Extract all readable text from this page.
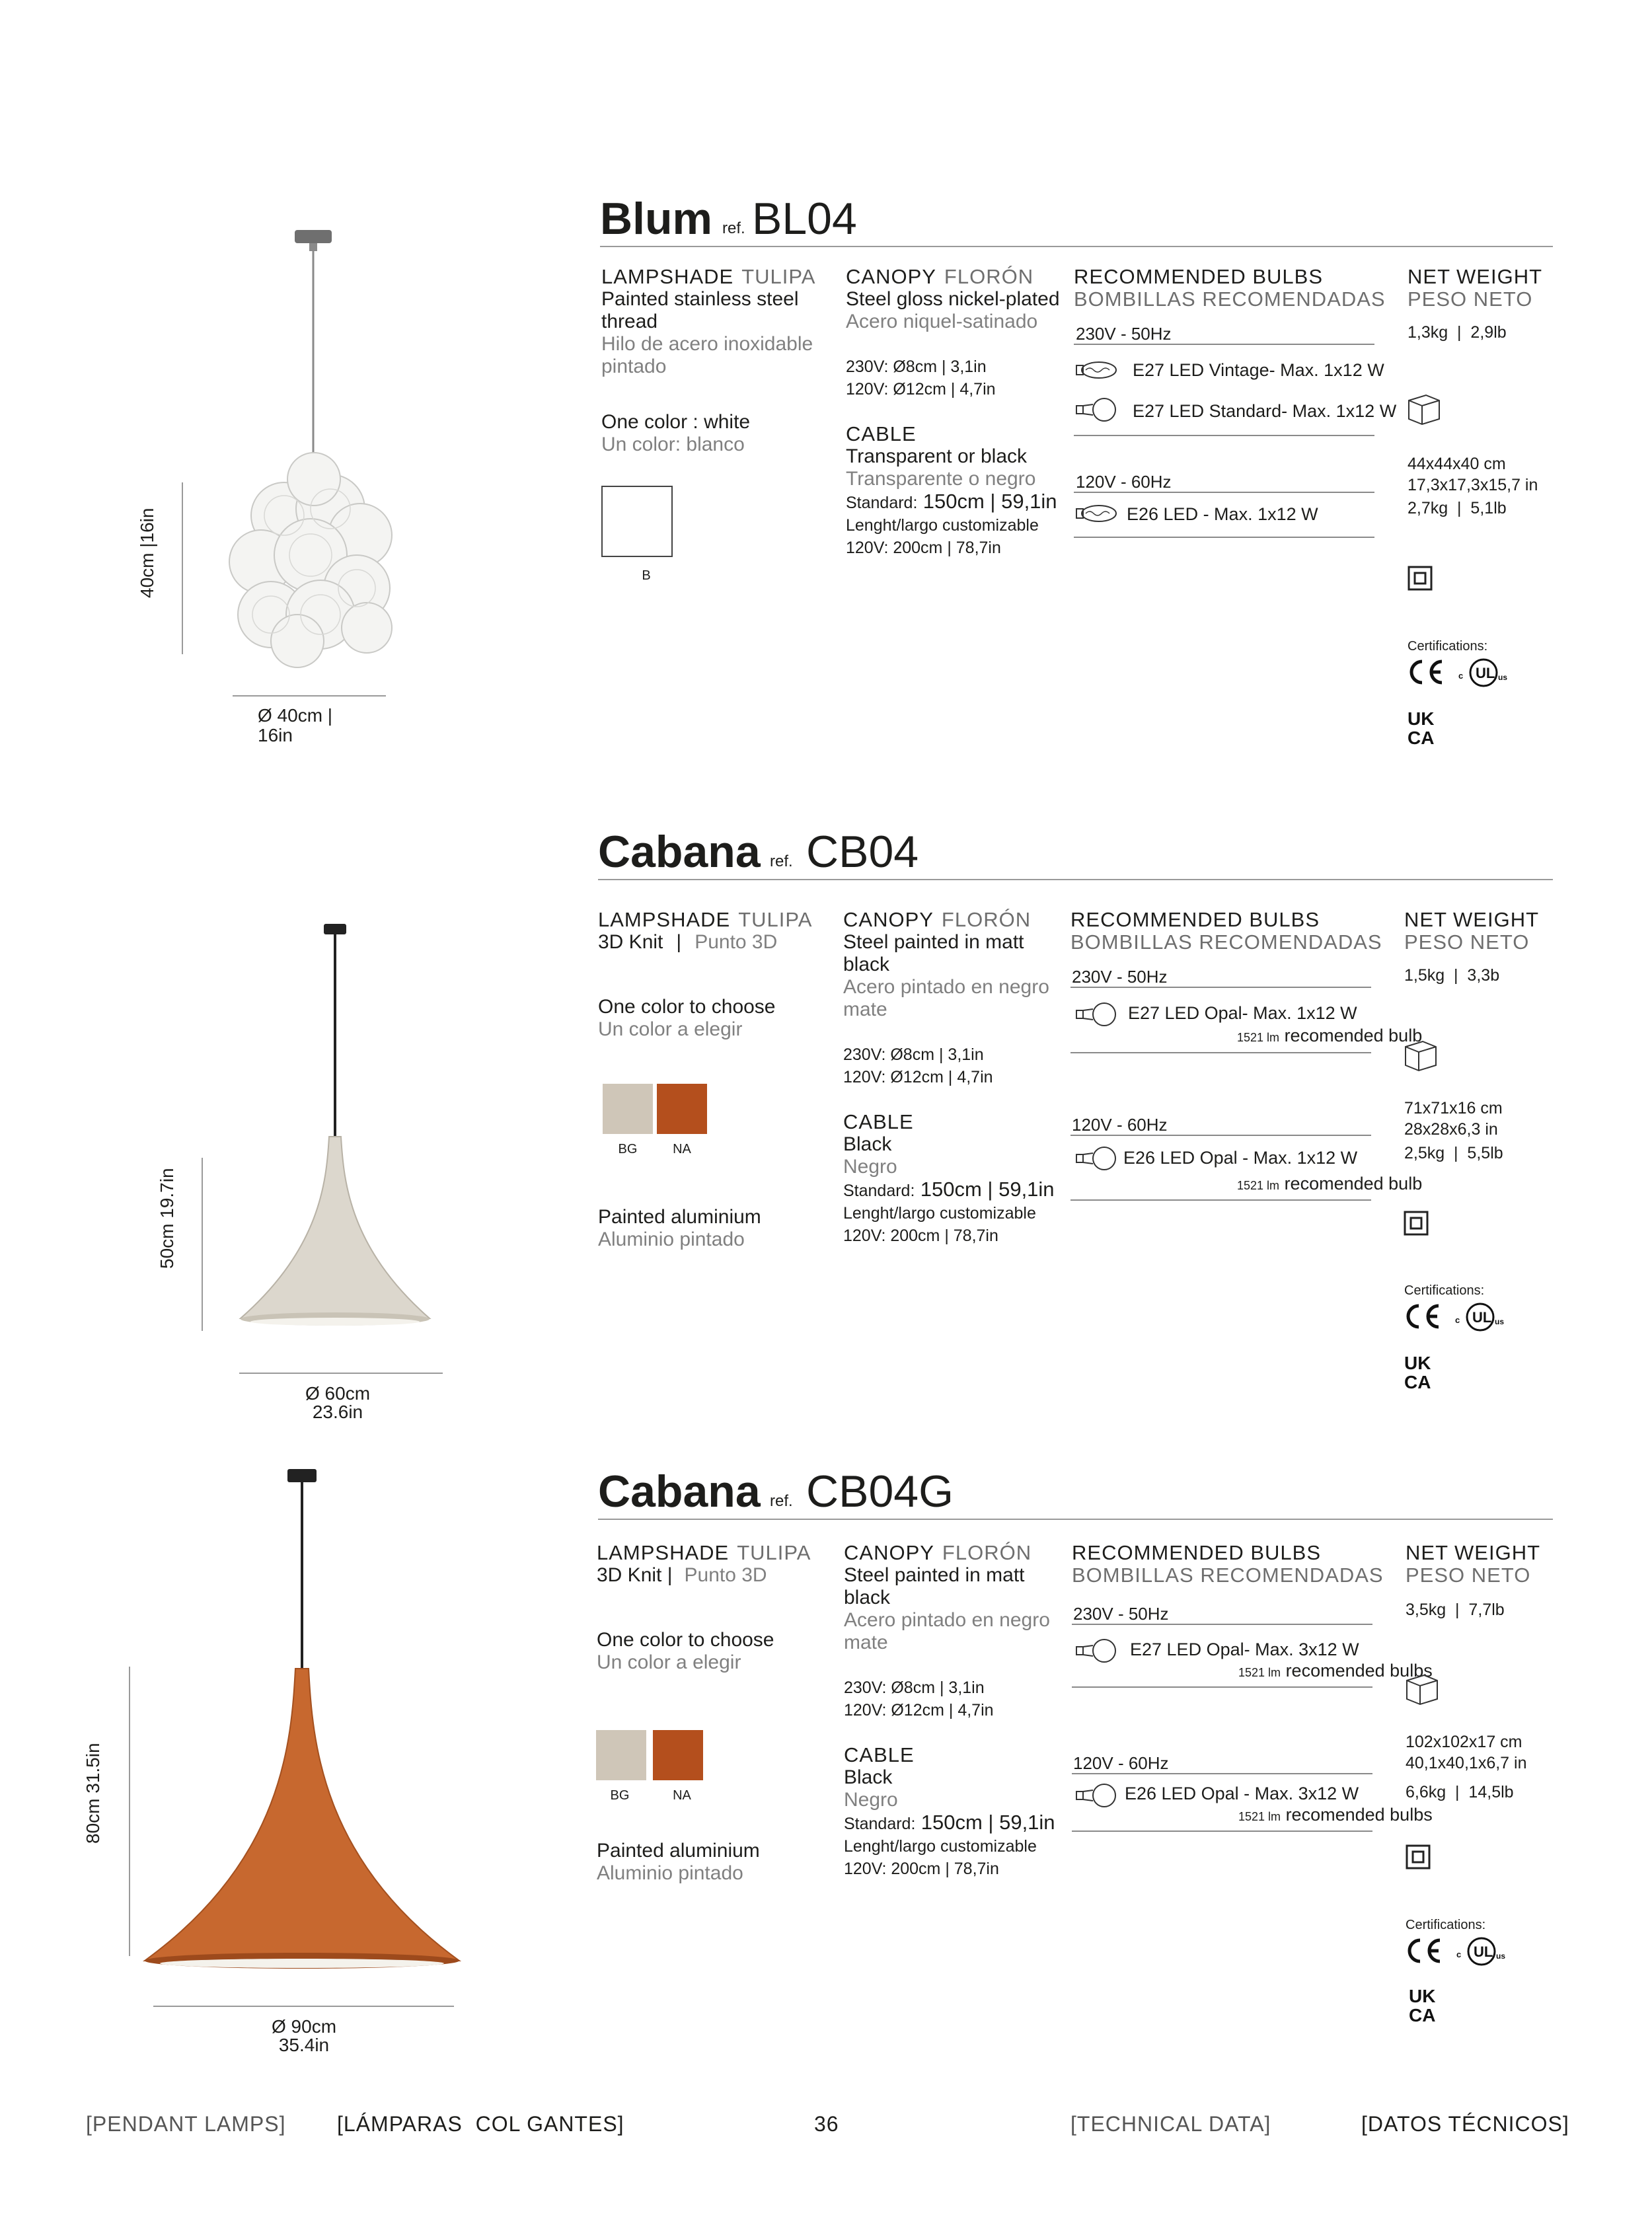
40cm |16in
Ø 40cm | 16in
Blum ref. BL04
LAMPSHADE TULIPA
Painted stainless steel thread
Hilo de acero inoxidable pintado
One color : white
Un color: blanco
B
CANOPY FLORÓN
Steel gloss nickel-plated
Acero niquel-satinado
230V: Ø8cm | 3,1in
120V: Ø12cm | 4,7in
CABLE
Transparent or black
Transparente o negro
Standard: 150cm | 59,1in
Lenght/largo customizable
120V: 200cm | 78,7in
RECOMMENDED BULBS
BOMBILLAS RECOMENDADAS
230V - 50Hz
E27 LED Vintage- Max. 1x12 W
E27 LED Standard- Max. 1x12 W
120V - 60Hz
E26 LED - Max. 1x12 W
NET WEIGHT
PESO NETO
1,3kg  |  2,9lb
44x44x40 cm
17,3x17,3x15,7 in
2,7kg  |  5,1lb
Certifications:
UL
c	us
UK
CA
50cm 19.7in
Ø 60cm 23.6in
Cabana ref. CB04
LAMPSHADE TULIPA
3D Knit | Punto 3D
One color to choose
Un color a elegir
BG	NA
Painted aluminium
Aluminio pintado
CANOPY FLORÓN
Steel painted in matt black
Acero pintado en negro mate
230V: Ø8cm | 3,1in
120V: Ø12cm | 4,7in
CABLE
Black
Negro
Standard: 150cm | 59,1in
Lenght/largo customizable
120V: 200cm | 78,7in
RECOMMENDED BULBS
BOMBILLAS RECOMENDADAS
230V - 50Hz
E27 LED Opal- Max. 1x12 W
1521 lm recomended bulb
120V - 60Hz
E26 LED Opal - Max. 1x12 W
1521 lm recomended bulb
NET WEIGHT
PESO NETO
1,5kg  |  3,3b
71x71x16 cm
28x28x6,3 in
2,5kg  |  5,5lb
Certifications:
UL
c	us
UK
CA
80cm 31.5in
Ø 90cm 35.4in
Cabana ref. CB04G
LAMPSHADE TULIPA
3D Knit | Punto 3D
One color to choose
Un color a elegir
BG	NA
Painted aluminium
Aluminio pintado
CANOPY FLORÓN
Steel painted in matt black
Acero pintado en negro mate
230V: Ø8cm | 3,1in
120V: Ø12cm | 4,7in
CABLE
Black
Negro
Standard: 150cm | 59,1in
Lenght/largo customizable
120V: 200cm | 78,7in
RECOMMENDED BULBS
BOMBILLAS RECOMENDADAS
230V - 50Hz
E27 LED Opal- Max. 3x12 W
1521 lm recomended bulbs
120V - 60Hz
E26 LED Opal - Max. 3x12 W
1521 lm recomended bulbs
NET WEIGHT
PESO NETO
3,5kg  |  7,7lb
102x102x17 cm
40,1x40,1x6,7 in
6,6kg  |  14,5lb
Certifications:
UL
c	us
UK
CA
[PENDANT LAMPS] [LÁMPARAS  COL GANTES]	36	[TECHNICAL DATA]	[DATOS TÉCNICOS]
